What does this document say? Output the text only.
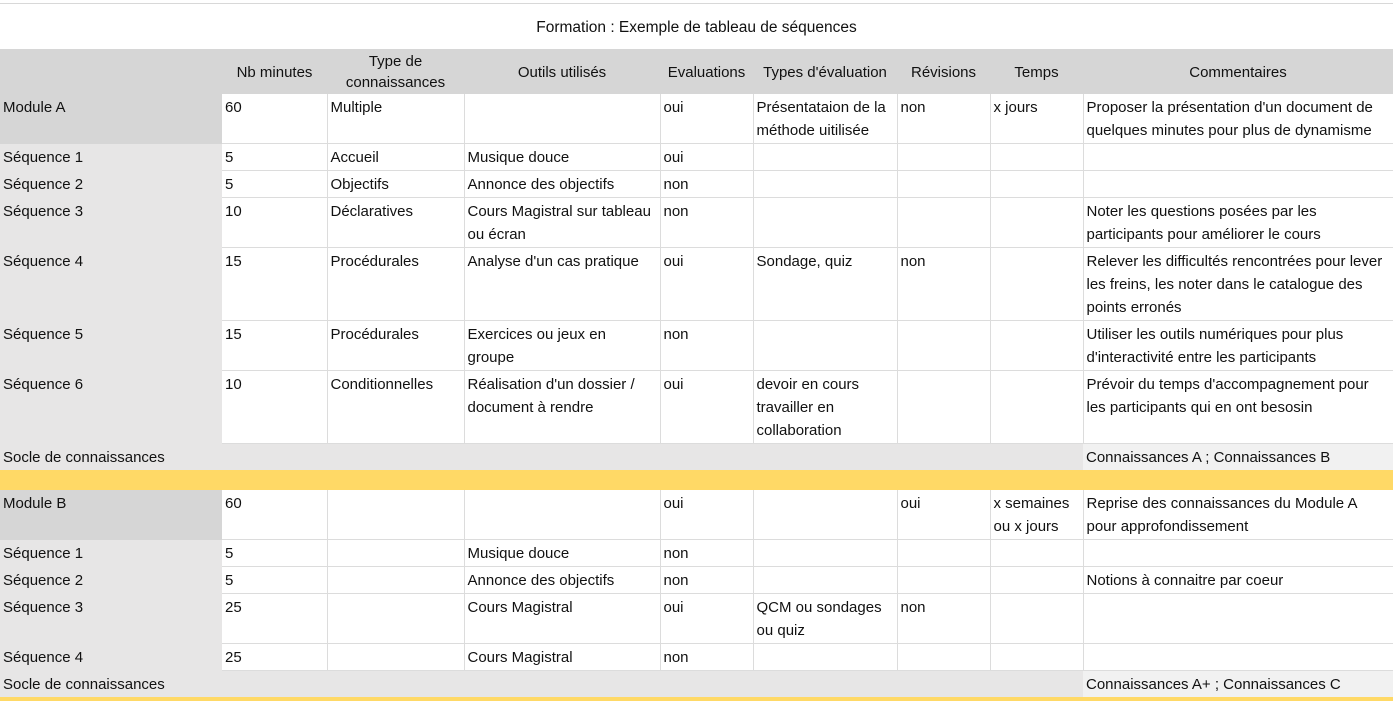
Formation : Exemple de tableau de séquences
	Nb minutes	Type de connaissances	Outils utilisés	Evaluations	Types d'évaluation	Révisions	Temps	Commentaires
Module A	60	Multiple		oui	Présentataion de la méthode uitilisée	non	x jours	Proposer la présentation d'un document de quelques minutes pour plus de dynamisme
Séquence 1	5	Accueil	Musique douce	oui				
Séquence 2	5	Objectifs	Annonce des objectifs	non				
Séquence 3	10	Déclaratives	Cours Magistral sur tableau ou écran	non				Noter les questions posées par les participants pour améliorer le cours
Séquence 4	15	Procédurales	Analyse d'un cas pratique	oui	Sondage, quiz	non		Relever les difficultés rencontrées pour lever les freins, les noter dans le catalogue des points erronés
Séquence 5	15	Procédurales	Exercices ou jeux en groupe	non				Utiliser les outils numériques pour plus d'interactivité entre les participants
Séquence 6	10	Conditionnelles	Réalisation d'un dossier / document à rendre	oui	devoir en cours travailler en collaboration			Prévoir du temps d'accompagnement pour les participants qui en ont besosin
Socle de connaissances								Connaissances A ; Connaissances B

Module B	60			oui		oui	x semaines ou x jours	Reprise des connaissances du Module A pour approfondissement
Séquence 1	5		Musique douce	non				
Séquence 2	5		Annonce des objectifs	non				Notions à connaitre par coeur
Séquence 3	25		Cours Magistral	oui	QCM ou sondages ou quiz	non		
Séquence 4	25		Cours Magistral	non				
Socle de connaissances								Connaissances A+ ; Connaissances C
